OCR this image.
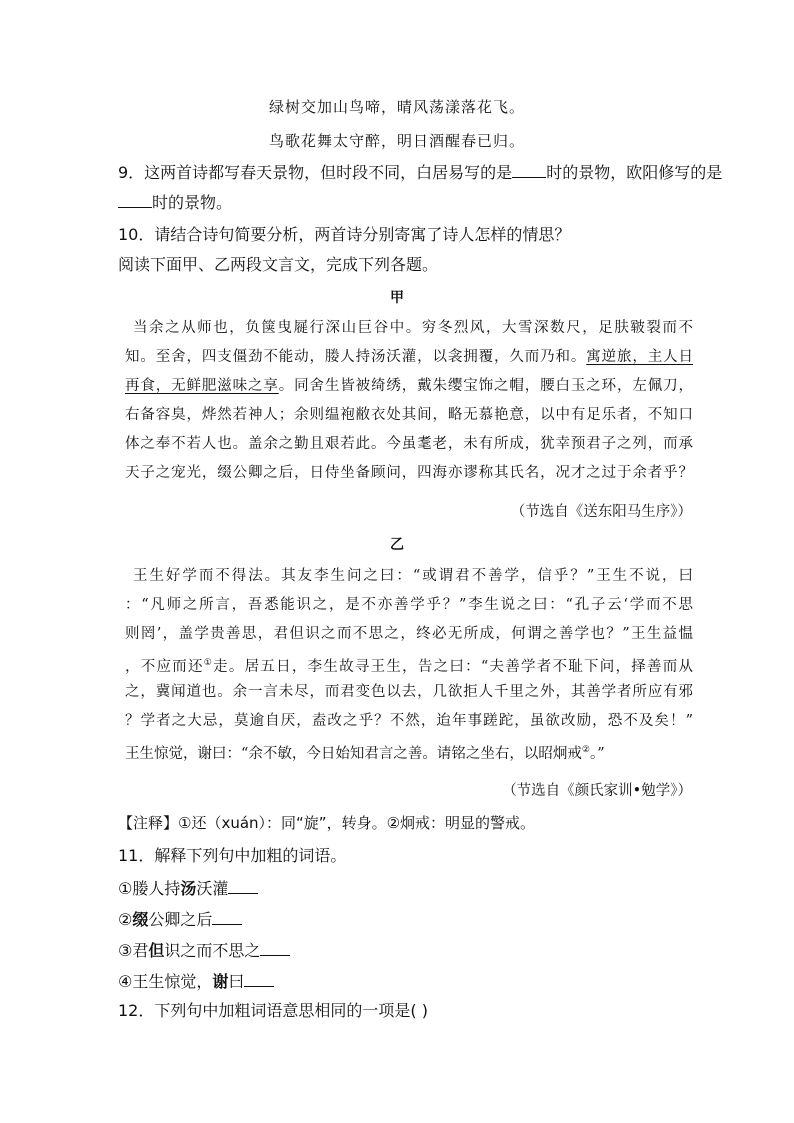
绿树交加山鸟啼，晴风荡漾落花飞。
鸟歌花舞太守醉，明日酒醒春已归。
9．这两首诗都写春天景物，但时段不同，白居易写的是 时的景物，欧阳修写的是
时的景物。
10．请结合诗句简要分析，两首诗分别寄寓了诗人怎样的情思？
阅读下面甲、乙两段文言文，完成下列各题。
甲
当余之从师也，负箧曳屣行深山巨谷中。穷冬烈风，大雪深数尺，足肤皲裂而不
知。至舍，四支僵劲不能动，媵人持汤沃灌，以衾拥覆，久而乃和。寓逆旅，主人日
再食，无鲜肥滋味之享。同舍生皆被绮绣，戴朱缨宝饰之帽，腰白玉之环，左佩刀，
右备容臭，烨然若神人；余则缊袍敝衣处其间，略无慕艳意，以中有足乐者，不知口
体之奉不若人也。盖余之勤且艰若此。今虽耄老，未有所成，犹幸预君子之列，而承
天子之宠光，缀公卿之后，日侍坐备顾问，四海亦谬称其氏名，况才之过于余者乎？
（节选自《送东阳马生序》）
乙
王生好学而不得法。其友李生问之曰：“或谓君不善学，信乎？”王生不说，曰
：“凡师之所言，吾悉能识之，是不亦善学乎？”李生说之曰：“孔子云‘学而不思
则罔’，盖学贵善思，君但识之而不思之，终必无所成，何谓之善学也？”王生益愠
，不应而还①走。居五日，李生故寻王生，告之曰：“夫善学者不耻下问，择善而从
之，冀闻道也。余一言未尽，而君变色以去，几欲拒人千里之外，其善学者所应有邪
？学者之大忌，莫逾自厌，盍改之乎？不然，迨年事蹉跎，虽欲改励，恐不及矣！”
王生惊觉，谢曰：“余不敏，今日始知君言之善。请铭之坐右，以昭炯戒②。”
（节选自《颜氏家训•勉学》）
【注释】①还（xuán）：同“旋”，转身。②炯戒：明显的警戒。
11．解释下列句中加粗的词语。
①媵人持汤沃灌
②缀公卿之后
③君但识之而不思之
④王生惊觉，谢曰
12．下列句中加粗词语意思相同的一项是( )
